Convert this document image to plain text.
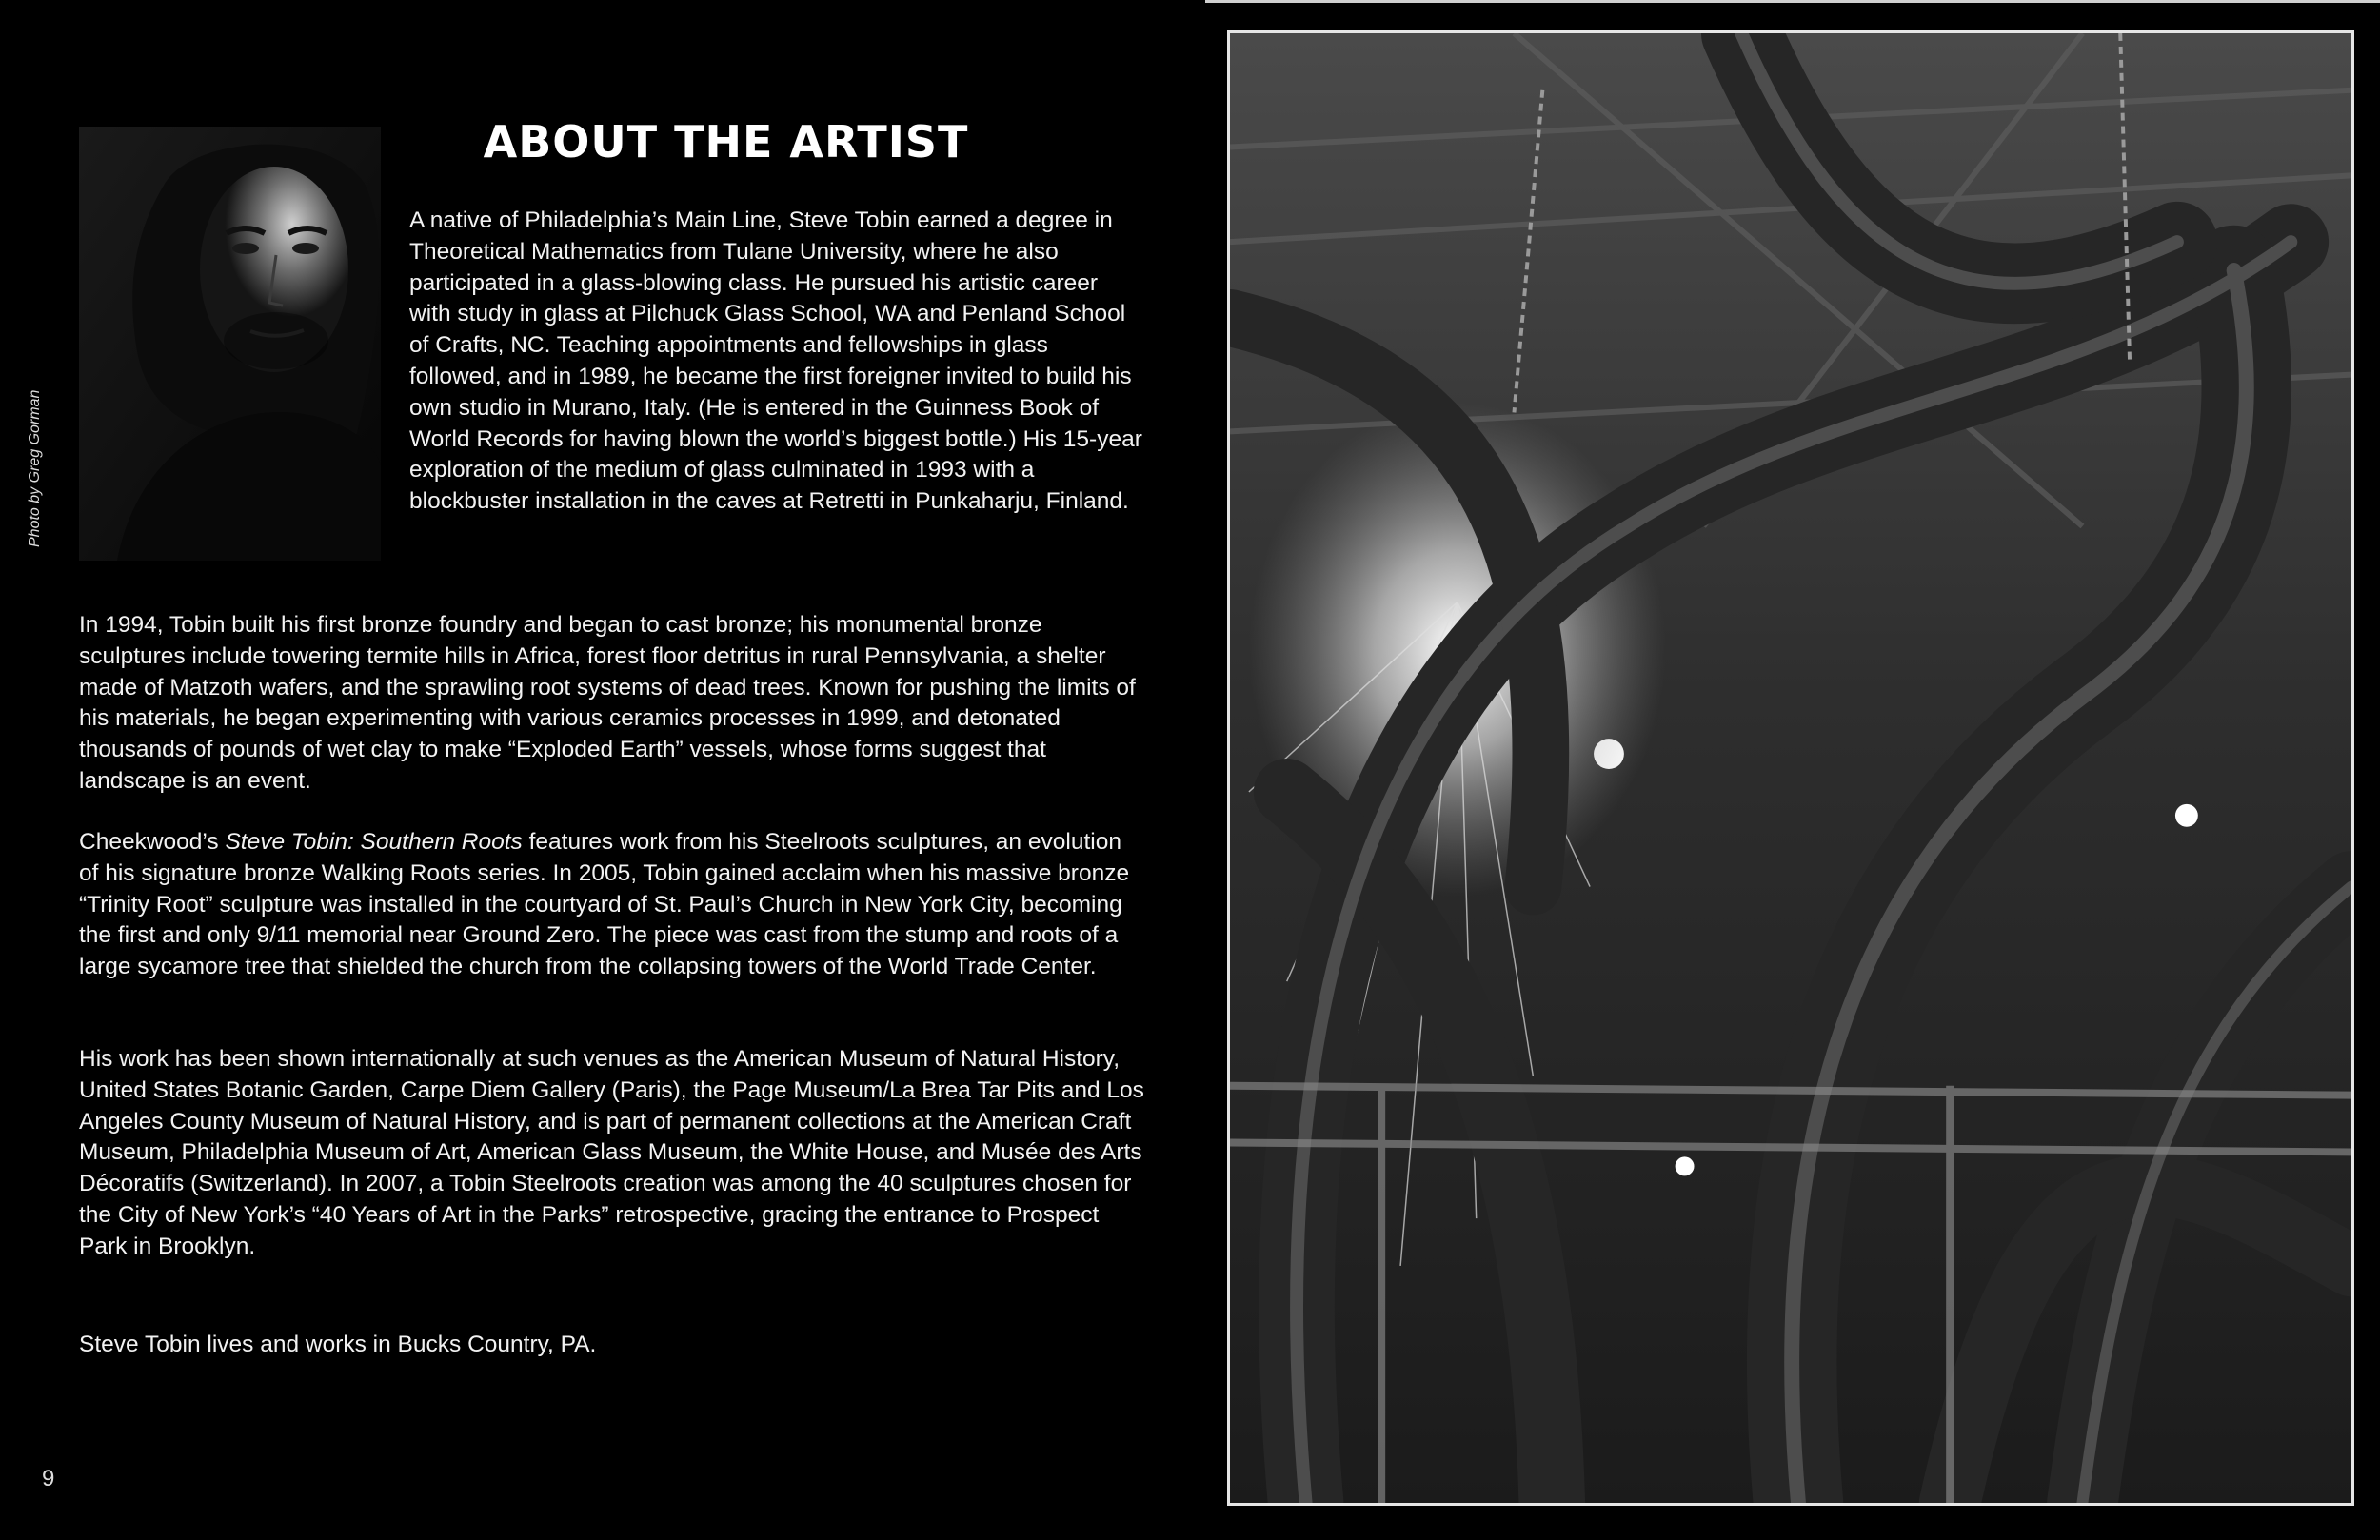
Photo by Greg Gorman
ABOUT THE ARTIST

A native of Philadelphia’s Main Line, Steve Tobin earned a degree in Theoretical Mathematics from Tulane University, where he also participated in a glass-blowing class. He pursued his artistic career with study in glass at Pilchuck Glass School, WA and Penland School of Crafts, NC. Teaching appointments and fellowships in glass followed, and in 1989, he became the first foreigner invited to build his own studio in Murano, Italy. (He is entered in the Guinness Book of World Records for having blown the world’s biggest bottle.) His 15-year exploration of the medium of glass culminated in 1993 with a blockbuster installation in the caves at Retretti in Punkaharju, Finland.

In 1994, Tobin built his first bronze foundry and began to cast bronze; his monumental bronze sculptures include towering termite hills in Africa, forest floor detritus in rural Pennsylvania, a shelter made of Matzoth wafers, and the sprawling root systems of dead trees. Known for pushing the limits of his materials, he began experimenting with various ceramics processes in 1999, and detonated thousands of pounds of wet clay to make “Exploded Earth” vessels, whose forms suggest that landscape is an event.

Cheekwood’s Steve Tobin: Southern Roots features work from his Steelroots sculptures, an evolution of his signature bronze Walking Roots series. In 2005, Tobin gained acclaim when his massive bronze “Trinity Root” sculpture was installed in the courtyard of St. Paul’s Church in New York City, becoming the first and only 9/11 memorial near Ground Zero. The piece was cast from the stump and roots of a large sycamore tree that shielded the church from the collapsing towers of the World Trade Center.

His work has been shown internationally at such venues as the American Museum of Natural History, United States Botanic Garden, Carpe Diem Gallery (Paris), the Page Museum/La Brea Tar Pits and Los Angeles County Museum of Natural History, and is part of permanent collections at the American Craft Museum, Philadelphia Museum of Art, American Glass Museum, the White House, and Musée des Arts Décoratifs (Switzerland). In 2007, a Tobin Steelroots creation was among the 40 sculptures chosen for the City of New York’s “40 Years of Art in the Parks” retrospective, gracing the entrance to Prospect Park in Brooklyn.

Steve Tobin lives and works in Bucks Country, PA.

9
